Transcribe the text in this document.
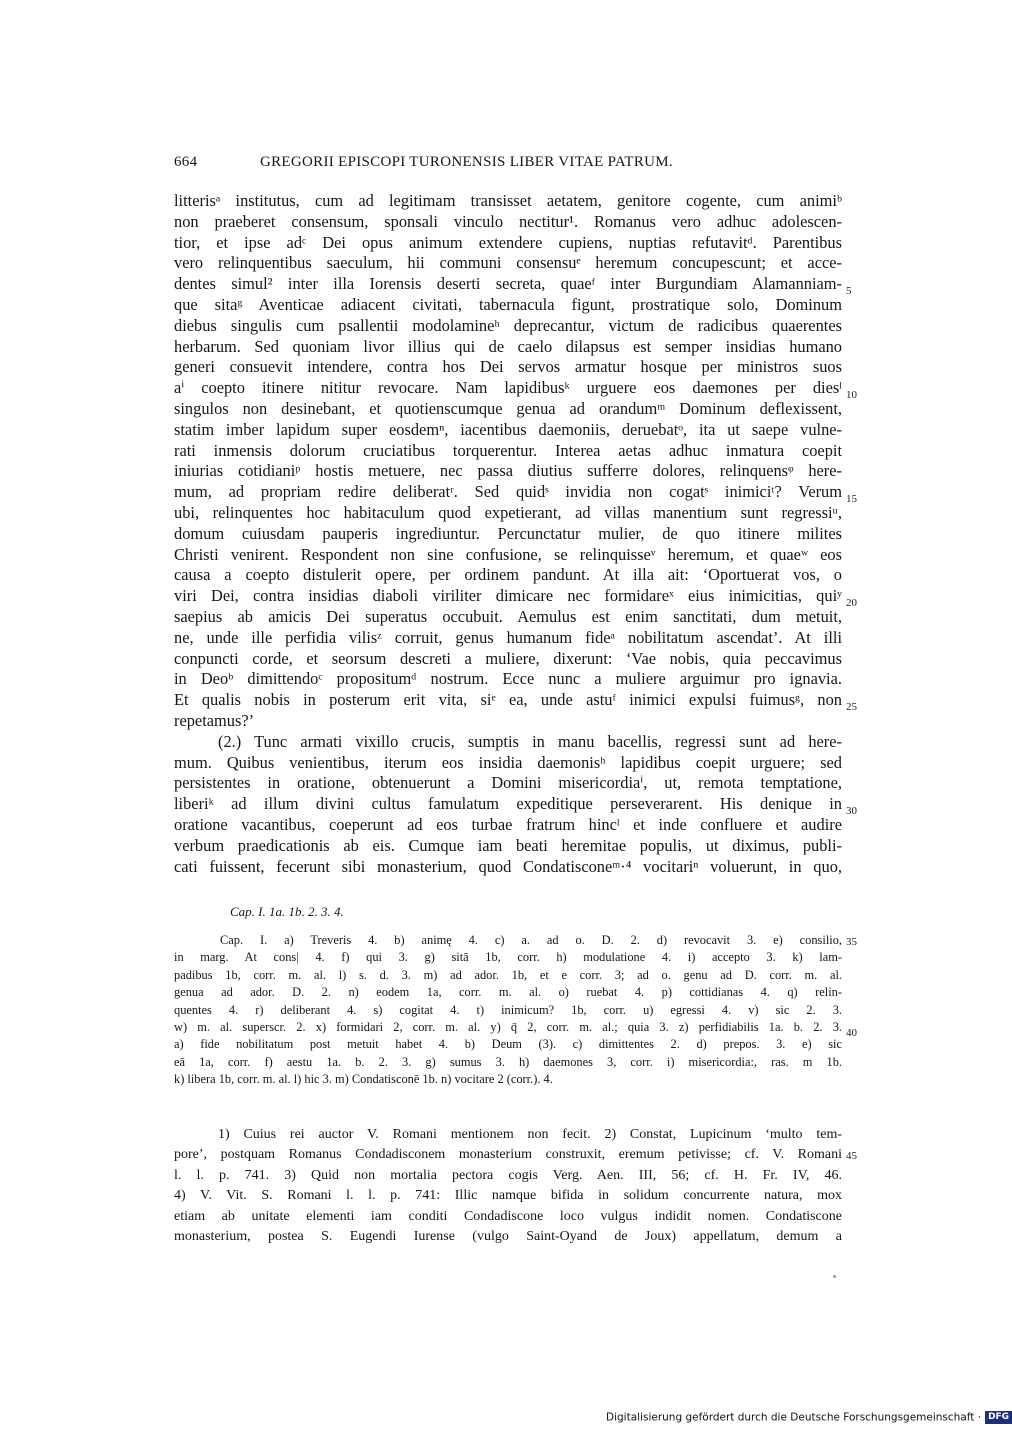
664	GREGORII EPISCOPI TURONENSIS LIBER VITAE PATRUM.
litterisᵃ institutus, cum ad legitimam transisset aetatem, genitore cogente, cum animiᵇ
non praeberet consensum, sponsali vinculo nectitur¹. Romanus vero adhuc adolescen-
tior, et ipse adᶜ Dei opus animum extendere cupiens, nuptias refutavitᵈ. Parentibus
vero relinquentibus saeculum, hii communi consensuᵉ heremum concupescunt; et acce-
dentes simul² inter illa Iorensis deserti secreta, quaeᶠ inter Burgundiam Alamanniam-
que sitaᵍ Aventicae adiacent civitati, tabernacula figunt, prostratique solo, Dominum
diebus singulis cum psallentii modolamineʰ deprecantur, victum de radicibus quaerentes
herbarum. Sed quoniam livor illius qui de caelo dilapsus est semper insidias humano
generi consuevit intendere, contra hos Dei servos armatur hosque per ministros suos
aⁱ coepto itinere nititur revocare. Nam lapidibusᵏ urguere eos daemones per diesˡ
singulos non desinebant, et quotienscumque genua ad orandumᵐ Dominum deflexissent,
statim imber lapidum super eosdemⁿ, iacentibus daemoniis, deruebatᵒ, ita ut saepe vulne-
rati inmensis dolorum cruciatibus torquerentur. Interea aetas adhuc inmatura coepit
iniurias cotidianiᵖ hostis metuere, nec passa diutius sufferre dolores, relinquensᵠ here-
mum, ad propriam redire deliberatʳ. Sed quidˢ invidia non cogatˢ inimiciᵗ? Verum
ubi, relinquentes hoc habitaculum quod expetierant, ad villas manentium sunt regressiᵘ,
domum cuiusdam pauperis ingrediuntur. Percunctatur mulier, de quo itinere milites
Christi venirent. Respondent non sine confusione, se relinquisseᵛ heremum, et quaeʷ eos
causa a coepto distulerit opere, per ordinem pandunt. At illa ait: ‘Oportuerat vos, o
viri Dei, contra insidias diaboli viriliter dimicare nec formidareˣ eius inimicitias, quiʸ
saepius ab amicis Dei superatus occubuit. Aemulus est enim sanctitati, dum metuit,
ne, unde ille perfidia vilisᶻ corruit, genus humanum fideᵃ nobilitatum ascendat’. At illi
conpuncti corde, et seorsum descreti a muliere, dixerunt: ‘Vae nobis, quia peccavimus
in Deoᵇ dimittendoᶜ propositumᵈ nostrum. Ecce nunc a muliere arguimur pro ignavia.
Et qualis nobis in posterum erit vita, siᵉ ea, unde astuᶠ inimici expulsi fuimusᵍ, non
repetamus?’
(2.) Tunc armati vixillo crucis, sumptis in manu bacellis, regressi sunt ad here-
mum. Quibus venientibus, iterum eos insidia daemonisʰ lapidibus coepit urguere; sed
persistentes in oratione, obtenuerunt a Domini misericordiaⁱ, ut, remota temptatione,
liberiᵏ ad illum divini cultus famulatum expeditique perseverarent. His denique in
oratione vacantibus, coeperunt ad eos turbae fratrum hincˡ et inde confluere et audire
verbum praedicationis ab eis. Cumque iam beati heremitae populis, ut diximus, publi-
cati fuissent, fecerunt sibi monasterium, quod Condatisconeᵐ·⁴ vocitariⁿ voluerunt, in quo,
5
10
15
20
25
30
35
40
45
Cap. I. 1a. 1b. 2. 3. 4.
Cap. I. a) Treveris 4. b) animę 4. c) a. ad o. D. 2. d) revocavit 3. e) consilio,
in marg. At cons| 4. f) qui 3. g) sitā 1b, corr. h) modulatione 4. i) accepto 3. k) lam-
padibus 1b, corr. m. al. l) s. d. 3. m) ad ador. 1b, et e corr. 3; ad o. genu ad D. corr. m. al.
genua ad ador. D. 2. n) eodem 1a, corr. m. al. o) ruebat 4. p) cottidianas 4. q) relin-
quentes 4. r) deliberant 4. s) cogitat 4. t) inimicum? 1b, corr. u) egressi 4. v) sic 2. 3.
w) m. al. superscr. 2. x) formidari 2, corr. m. al. y) q̄ 2, corr. m. al.; quia 3. z) perfidiabilis 1a. b. 2. 3.
a) fide nobilitatum post metuit habet 4. b) Deum (3). c) dimittentes 2. d) prepos. 3. e) sic
eā 1a, corr. f) aestu 1a. b. 2. 3. g) sumus 3. h) daemones 3, corr. i) misericordia:, ras. m 1b.
k) libera 1b, corr. m. al. l) hic 3. m) Condatisconē 1b. n) vocitare 2 (corr.). 4.
1) Cuius rei auctor V. Romani mentionem non fecit. 2) Constat, Lupicinum ‘multo tem-
pore’, postquam Romanus Condadisconem monasterium construxit, eremum petivisse; cf. V. Romani
l. l. p. 741. 3) Quid non mortalia pectora cogis Verg. Aen. III, 56; cf. H. Fr. IV, 46.
4) V. Vit. S. Romani l. l. p. 741: Illic namque bifida in solidum concurrente natura, mox
etiam ab unitate elementi iam conditi Condadiscone loco vulgus indidit nomen. Condatiscone
monasterium, postea S. Eugendi Iurense (vulgo Saint-Oyand de Joux) appellatum, demum a
Digitalisierung gefördert durch die Deutsche Forschungsgemeinschaft · DFG
